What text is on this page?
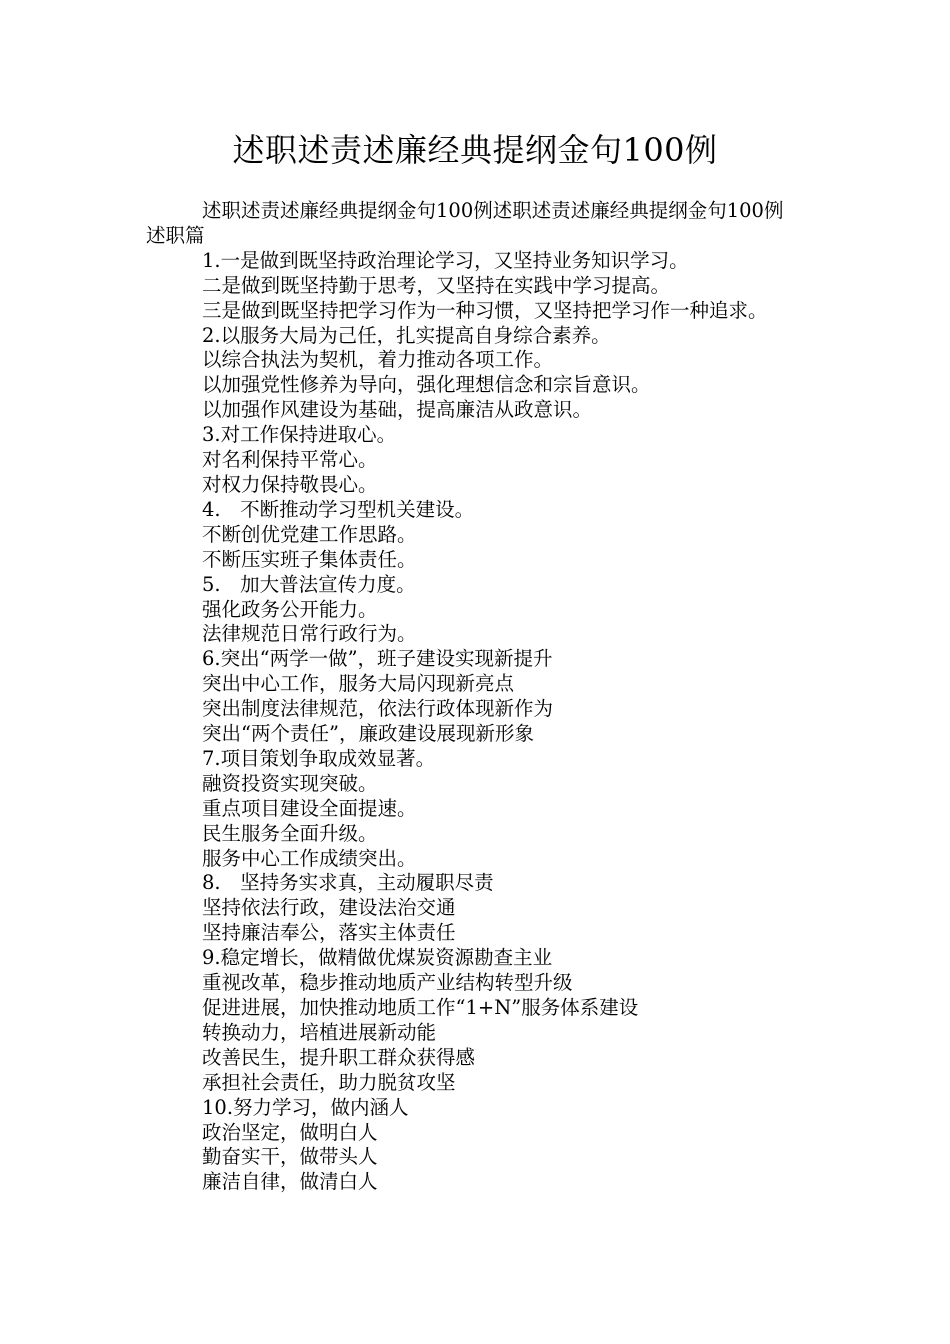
述职述责述廉经典提纲金句100例

述职述责述廉经典提纲金句100例述职述责述廉经典提纲金句100例　　述职篇

1.一是做到既坚持政治理论学习，又坚持业务知识学习。

二是做到既坚持勤于思考，又坚持在实践中学习提高。

三是做到既坚持把学习作为一种习惯，又坚持把学习作一种追求。

2.以服务大局为己任，扎实提高自身综合素养。

以综合执法为契机，着力推动各项工作。

以加强党性修养为导向，强化理想信念和宗旨意识。

以加强作风建设为基础，提高廉洁从政意识。

3.对工作保持进取心。

对名利保持平常心。

对权力保持敬畏心。

4.　不断推动学习型机关建设。

不断创优党建工作思路。

不断压实班子集体责任。

5.　加大普法宣传力度。

强化政务公开能力。

法律规范日常行政行为。

6.突出“两学一做”，班子建设实现新提升

突出中心工作，服务大局闪现新亮点

突出制度法律规范，依法行政体现新作为

突出“两个责任”，廉政建设展现新形象

7.项目策划争取成效显著。

融资投资实现突破。

重点项目建设全面提速。

民生服务全面升级。

服务中心工作成绩突出。

8.　坚持务实求真，主动履职尽责

坚持依法行政，建设法治交通

坚持廉洁奉公，落实主体责任

9.稳定增长，做精做优煤炭资源勘查主业

重视改革，稳步推动地质产业结构转型升级

促进进展，加快推动地质工作“1+N”服务体系建设

转换动力，培植进展新动能

改善民生，提升职工群众获得感

承担社会责任，助力脱贫攻坚

10.努力学习，做内涵人

政治坚定，做明白人

勤奋实干，做带头人

廉洁自律，做清白人
